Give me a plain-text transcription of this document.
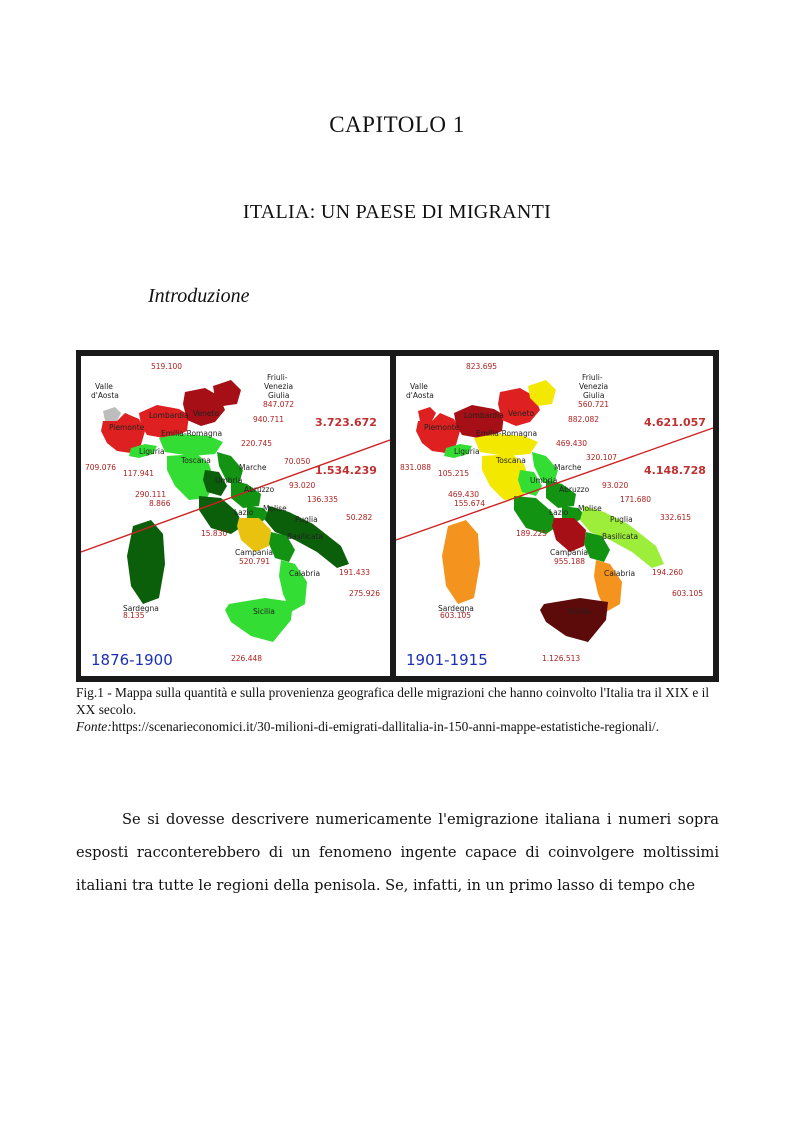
CAPITOLO 1
ITALIA: UN PAESE DI MIGRANTI
Introduzione
Valle
d'Aosta
Friuli-
Venezia
Giulia
Lombardia Veneto
Piemonte
Liguria
Emilia-Romagna
Toscana
Marche
Umbria
Abruzzo
Lazio Molise
Puglia
Basilicata
Campania
Calabria
Sicilia
Sardegna
519.100
847.072
940.711
220.745
70.050
709.076
117.941
290.111
8.866
93.020
136.335
50.282
15.830
520.791
191.433
275.926
8.135
226.448
3.723.672
1.534.239
1876-1900
Valle
d'Aosta
Friuli-
Venezia
Giulia
Lombardia Veneto
Piemonte
Liguria
Emilia-Romagna
Toscana
Marche
Umbria
Abruzzo
Lazio Molise
Puglia
Basilicata
Campania
Calabria
Sicilia
Sardegna
823.695
560.721
882.082
469.430
320.107
831.088
105.215
469.430
155.674
93.020
171.680
332.615
189.225
955.188
194.260
603.105
603.105
1.126.513
4.621.057
4.148.728
1901-1915
Fig.1 - Mappa sulla quantità e sulla provenienza geografica delle migrazioni che hanno coinvolto l'Italia tra il XIX e il XX secolo.
Fonte:https://scenarieconomici.it/30-milioni-di-emigrati-dallitalia-in-150-anni-mappe-estatistiche-regionali/.

Se si dovesse descrivere numericamente l'emigrazione italiana i numeri sopra esposti racconterebbero di un fenomeno ingente capace di coinvolgere moltissimi italiani tra tutte le regioni della penisola. Se, infatti, in un primo lasso di tempo che
